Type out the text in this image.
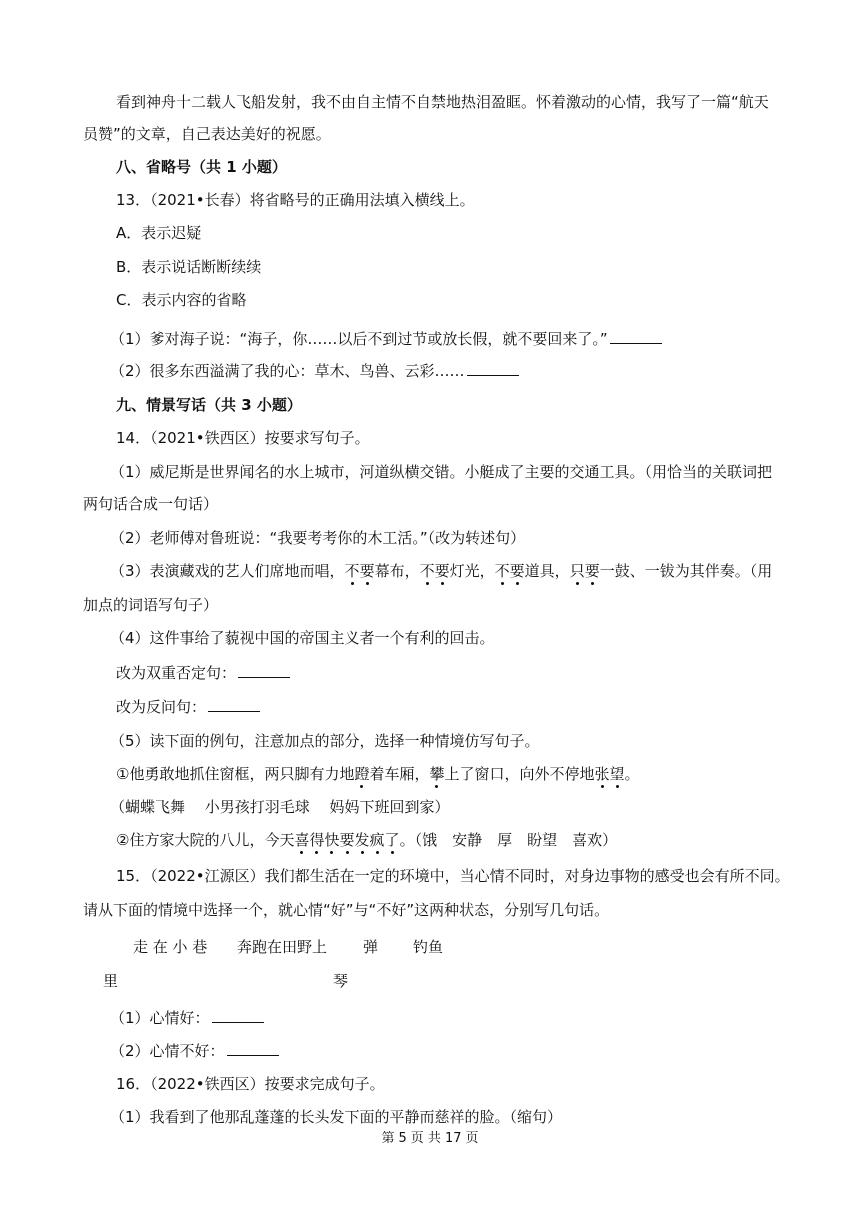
看到神舟十二载人飞船发射，我不由自主情不自禁地热泪盈眶。怀着激动的心情，我写了一篇“航天
员赞”的文章，自己表达美好的祝愿。
八、省略号（共 1 小题）
13．（2021•长春）将省略号的正确用法填入横线上。
A．表示迟疑
B．表示说话断断续续
C．表示内容的省略
（1）爹对海子说：“海子，你……以后不到过节或放长假，就不要回来了。”
（2）很多东西溢满了我的心：草木、鸟兽、云彩……
九、情景写话（共 3 小题）
14．（2021•铁西区）按要求写句子。
（1）威尼斯是世界闻名的水上城市，河道纵横交错。小艇成了主要的交通工具。（用恰当的关联词把
两句话合成一句话）
（2）老师傅对鲁班说：“我要考考你的木工活。”（改为转述句）
（3）表演藏戏的艺人们席地而唱，不要幕布，不要灯光，不要道具，只要一鼓、一钹为其伴奏。（用
加点的词语写句子）
（4）这件事给了藐视中国的帝国主义者一个有利的回击。
改为双重否定句：
改为反问句：
（5）读下面的例句，注意加点的部分，选择一种情境仿写句子。
①他勇敢地抓住窗框，两只脚有力地蹬着车厢，攀上了窗口，向外不停地张望。
（蝴蝶飞舞　 小男孩打羽毛球　 妈妈下班回到家）
②住方家大院的八儿，今天喜得快要发疯了。（饿　安静　厚　盼望　喜欢）
15．（2022•江源区）我们都生活在一定的环境中，当心情不同时，对身边事物的感受也会有所不同。
请从下面的情境中选择一个，就心情“好”与“不好”这两种状态，分别写几句话。
走 在 小 巷 奔跑在田野上 弹 钓鱼
里	琴
（1）心情好：
（2）心情不好：
16．（2022•铁西区）按要求完成句子。
（1）我看到了他那乱蓬蓬的长头发下面的平静而慈祥的脸。（缩句）
第 5 页 共 17 页
